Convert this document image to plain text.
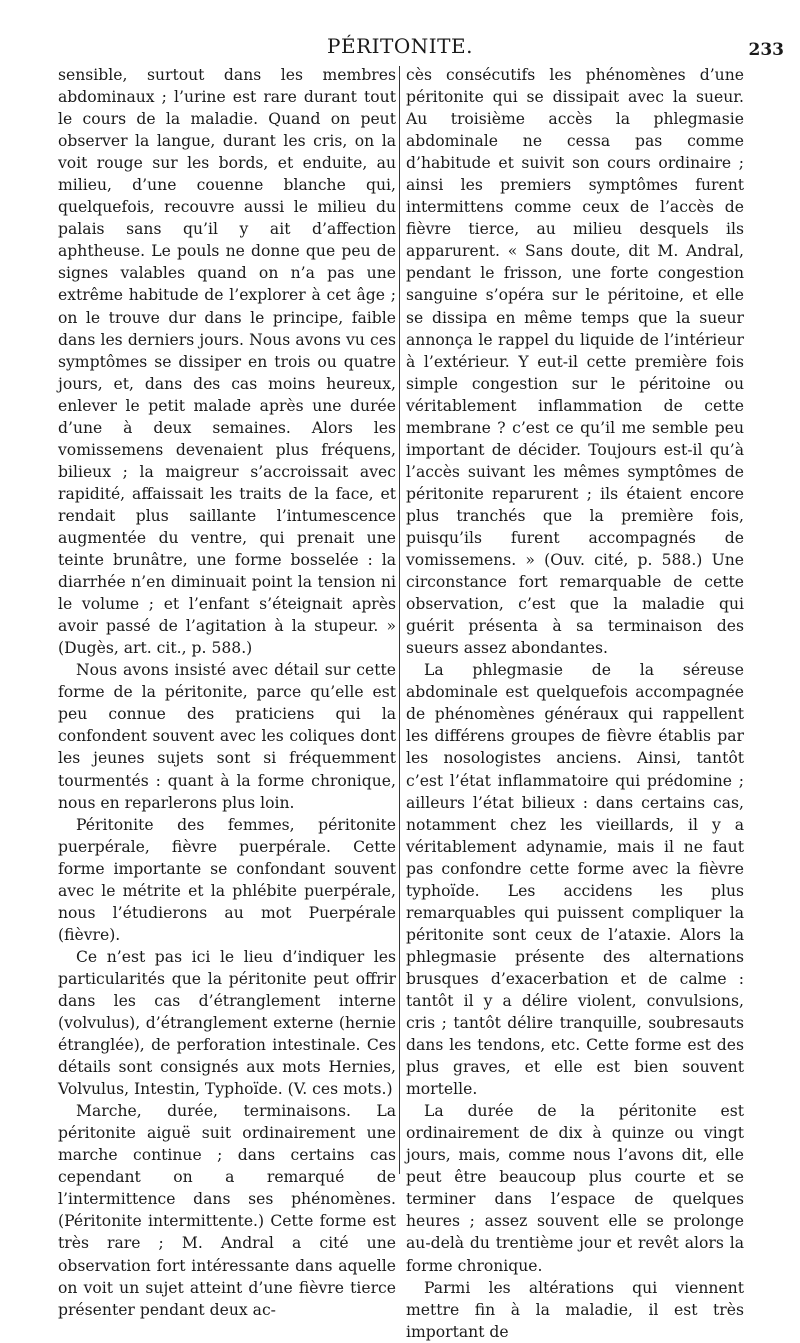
PÉRITONITE.	233

sensible, surtout dans les membres abdominaux ; l’urine est rare durant tout le cours de la maladie. Quand on peut observer la langue, durant les cris, on la voit rouge sur les bords, et enduite, au milieu, d’une couenne blanche qui, quelquefois, recouvre aussi le milieu du palais sans qu’il y ait d’affection aphtheuse. Le pouls ne donne que peu de signes valables quand on n’a pas une extrême habitude de l’explorer à cet âge ; on le trouve dur dans le principe, faible dans les derniers jours. Nous avons vu ces symptômes se dissiper en trois ou quatre jours, et, dans des cas moins heureux, enlever le petit malade après une durée d’une à deux semaines. Alors les vomissemens devenaient plus fréquens, bilieux ; la maigreur s’accroissait avec rapidité, affaissait les traits de la face, et rendait plus saillante l’intumescence augmentée du ventre, qui prenait une teinte brunâtre, une forme bosselée : la diarrhée n’en diminuait point la tension ni le volume ; et l’enfant s’éteignait après avoir passé de l’agitation à la stupeur. » (Dugès, art. cit., p. 588.)

Nous avons insisté avec détail sur cette forme de la péritonite, parce qu’elle est peu connue des praticiens qui la confondent souvent avec les coliques dont les jeunes sujets sont si fréquemment tourmentés : quant à la forme chronique, nous en reparlerons plus loin.

Péritonite des femmes, péritonite puerpérale, fièvre puerpérale. Cette forme importante se confondant souvent avec le métrite et la phlébite puerpérale, nous l’étudierons au mot Puerpérale (fièvre).

Ce n’est pas ici le lieu d’indiquer les particularités que la péritonite peut offrir dans les cas d’étranglement interne (volvulus), d’étranglement externe (hernie étranglée), de perforation intestinale. Ces détails sont consignés aux mots Hernies, Volvulus, Intestin, Typhoïde. (V. ces mots.)

Marche, durée, terminaisons. La péritonite aiguë suit ordinairement une marche continue ; dans certains cas cependant on a remarqué de l’intermittence dans ses phénomènes. (Péritonite intermittente.) Cette forme est très rare ; M. Andral a cité une observation fort intéressante dans aquelle on voit un sujet atteint d’une fièvre tierce présenter pendant deux ac-

cès consécutifs les phénomènes d’une péritonite qui se dissipait avec la sueur. Au troisième accès la phlegmasie abdominale ne cessa pas comme d’habitude et suivit son cours ordinaire ; ainsi les premiers symptômes furent intermittens comme ceux de l’accès de fièvre tierce, au milieu desquels ils apparurent. « Sans doute, dit M. Andral, pendant le frisson, une forte congestion sanguine s’opéra sur le péritoine, et elle se dissipa en même temps que la sueur annonça le rappel du liquide de l’intérieur à l’extérieur. Y eut-il cette première fois simple congestion sur le péritoine ou véritablement inflammation de cette membrane ? c’est ce qu’il me semble peu important de décider. Toujours est-il qu’à l’accès suivant les mêmes symptômes de péritonite reparurent ; ils étaient encore plus tranchés que la première fois, puisqu’ils furent accompagnés de vomissemens. » (Ouv. cité, p. 588.) Une circonstance fort remarquable de cette observation, c’est que la maladie qui guérit présenta à sa terminaison des sueurs assez abondantes.

La phlegmasie de la séreuse abdominale est quelquefois accompagnée de phénomènes généraux qui rappellent les différens groupes de fièvre établis par les nosologistes anciens. Ainsi, tantôt c’est l’état inflammatoire qui prédomine ; ailleurs l’état bilieux : dans certains cas, notamment chez les vieillards, il y a véritablement adynamie, mais il ne faut pas confondre cette forme avec la fièvre typhoïde. Les accidens les plus remarquables qui puissent compliquer la péritonite sont ceux de l’ataxie. Alors la phlegmasie présente des alternations brusques d’exacerbation et de calme : tantôt il y a délire violent, convulsions, cris ; tantôt délire tranquille, soubresauts dans les tendons, etc. Cette forme est des plus graves, et elle est bien souvent mortelle.

La durée de la péritonite est ordinairement de dix à quinze ou vingt jours, mais, comme nous l’avons dit, elle peut être beaucoup plus courte et se terminer dans l’espace de quelques heures ; assez souvent elle se prolonge au-delà du trentième jour et revêt alors la forme chronique.

Parmi les altérations qui viennent mettre fin à la maladie, il est très important de
